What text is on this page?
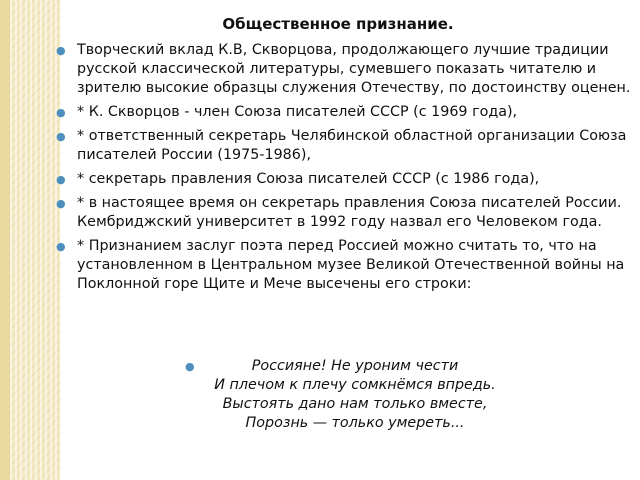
Общественное признание.
● Творческий вклад К.В, Скворцова, продолжающего лучшие традиции русской классической литературы, сумевшего показать читателю и зрителю высокие образцы служения Отечеству, по достоинству оценен.
● * К. Скворцов - член Союза писателей СССР (с 1969 года),
● * ответственный секретарь Челябинской областной организации Союза писателей России (1975-1986),
● * секретарь правления Союза писателей СССР (с 1986 года),
● * в настоящее время он секретарь правления Союза писателей России. Кембриджский университет в 1992 году назвал его Человеком года.
● * Признанием заслуг поэта перед Россией можно считать то, что на установленном в Центральном музее Великой Отечественной войны на Поклонной горе Щите и Мече высечены его строки:
●	Россияне! Не уроним чести
И плечом к плечу сомкнёмся впредь.
Выстоять дано нам только вместе,
Порознь — только умереть...
